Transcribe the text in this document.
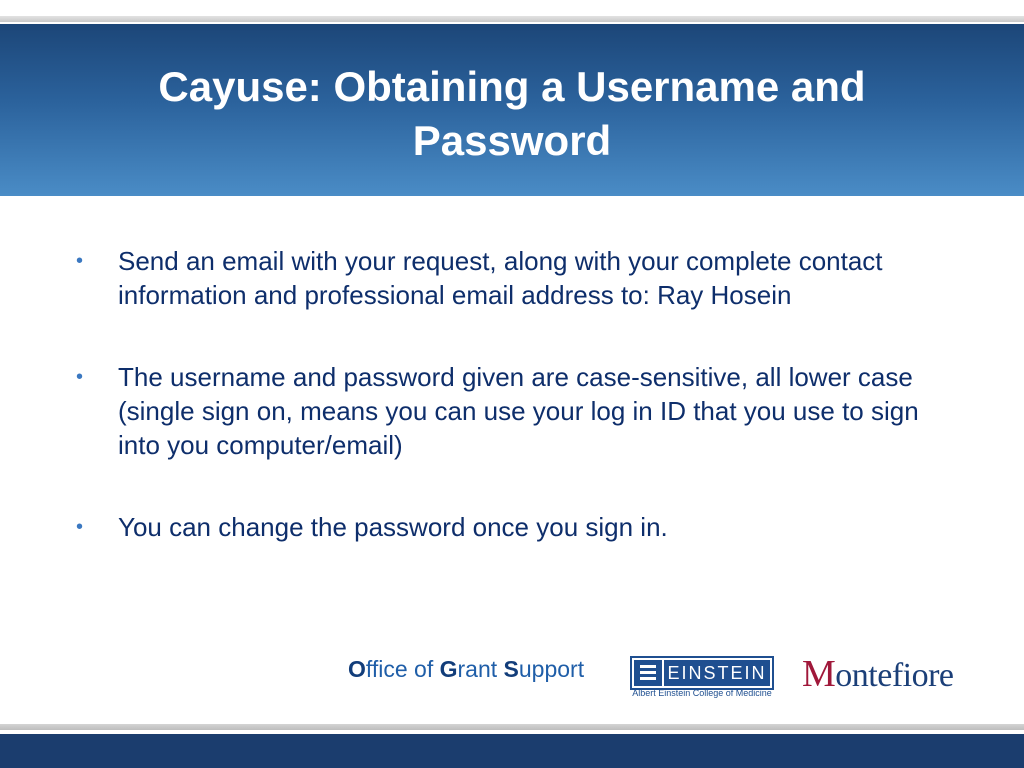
Cayuse: Obtaining a Username and Password
• Send an email with your request, along with your complete contact information and professional email address to: Ray Hosein
• The username and password given are case-sensitive, all lower case (single sign on, means you can use your log in ID that you use to sign into you computer/email)
• You can change the password once you sign in.
Office of Grant Support	EINSTEIN
Albert Einstein College of Medicine Montefiore
